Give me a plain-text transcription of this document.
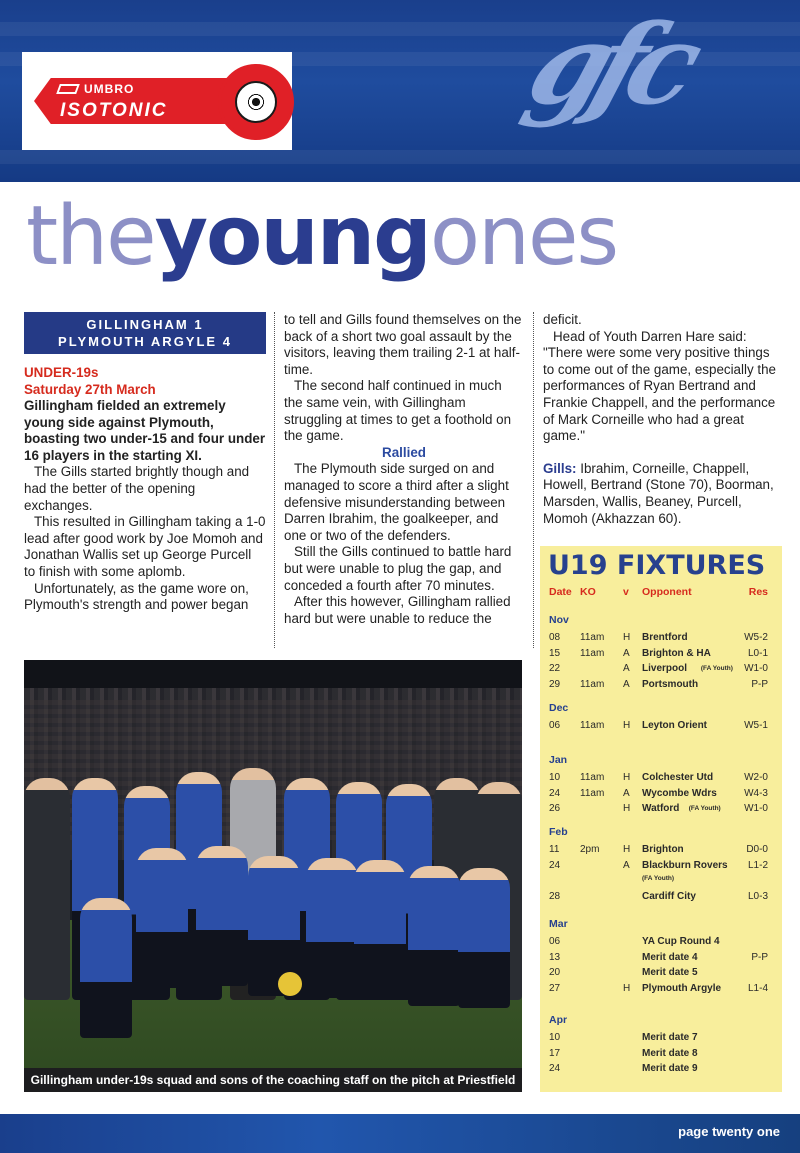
UMBRO
ISOTONIC	gfc
theyoungones
GILLINGHAM 1
PLYMOUTH ARGYLE 4
UNDER-19s
Saturday 27th March

Gillingham fielded an extremely young side against Plymouth, boasting two under-15 and four under 16 players in the starting XI.

The Gills started brightly though and had the better of the opening exchanges.

This resulted in Gillingham taking a 1-0 lead after good work by Joe Momoh and Jonathan Wallis set up George Purcell to finish with some aplomb.

Unfortunately, as the game wore on, Plymouth's strength and power began

to tell and Gills found themselves on the back of a short two goal assault by the visitors, leaving them trailing 2-1 at half-time.

The second half continued in much the same vein, with Gillingham struggling at times to get a foothold on the game.

Rallied

The Plymouth side surged on and managed to score a third after a slight defensive misunderstanding between Darren Ibrahim, the goalkeeper, and one or two of the defenders.

Still the Gills continued to battle hard but were unable to plug the gap, and conceded a fourth after 70 minutes.

After this however, Gillingham rallied hard but were unable to reduce the

deficit.

Head of Youth Darren Hare said: "There were some very positive things to come out of the game, especially the performances of Ryan Bertrand and Frankie Chappell, and the performance of Mark Corneille who had a great game."

Gills: Ibrahim, Corneille, Chappell, Howell, Bertrand (Stone 70), Boorman, Marsden, Wallis, Beaney, Purcell, Momoh (Akhazzan 60).

Gillingham under-19s squad and sons of the coaching staff on the pitch at Priestfield
U19 FIXTURES
Date KO	v Opponent	Res
Nov
08 11am H Brentford	W5-2
15 11am A Brighton & HA	L0-1
22	A Liverpool	W1-0
(FA Youth)
29 11am A Portsmouth	P-P
Dec
06 11am H Leyton Orient	W5-1
Jan
10 11am H Colchester Utd	W2-0
24 11am A Wycombe Wdrs	W4-3
26	H Watford	W1-0
(FA Youth)
Feb
11 2pm H Brighton	D0-0
24	A Blackburn Rovers L1-2
(FA Youth)
28	Cardiff City	L0-3
Mar
06	YA Cup Round 4
13	Merit date 4	P-P
20	Merit date 5
27	H Plymouth Argyle	L1-4
Apr
10	Merit date 7
17	Merit date 8
24	Merit date 9
page twenty one
